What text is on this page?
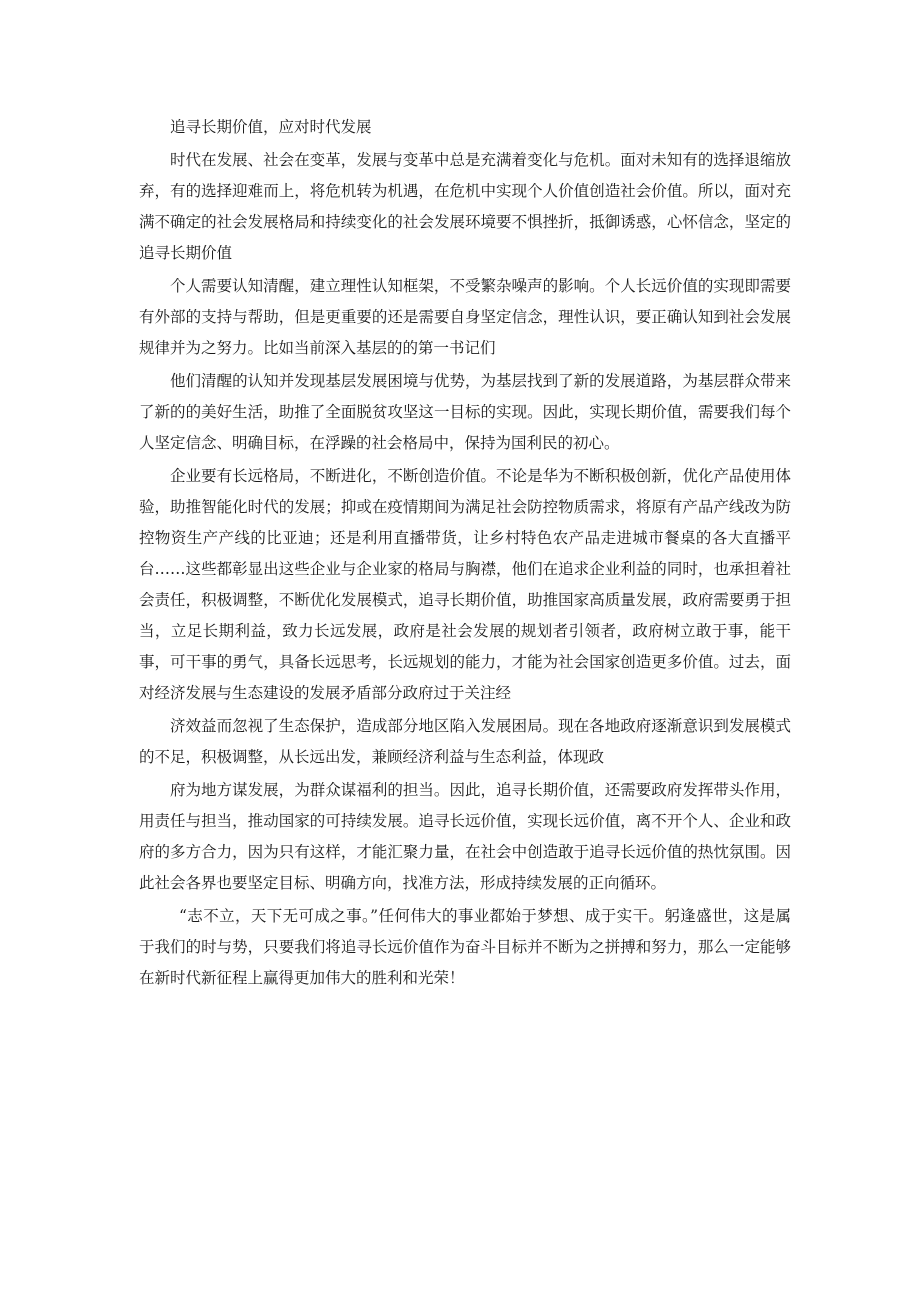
追寻长期价值，应对时代发展

时代在发展、社会在变革，发展与变革中总是充满着变化与危机。面对未知有的选择退缩放弃，有的选择迎难而上，将危机转为机遇，在危机中实现个人价值创造社会价值。所以，面对充满不确定的社会发展格局和持续变化的社会发展环境要不惧挫折，抵御诱惑，心怀信念，坚定的追寻长期价值

个人需要认知清醒，建立理性认知框架，不受繁杂噪声的影响。个人长远价值的实现即需要有外部的支持与帮助，但是更重要的还是需要自身坚定信念，理性认识，要正确认知到社会发展规律并为之努力。比如当前深入基层的的第一书记们

他们清醒的认知并发现基层发展困境与优势，为基层找到了新的发展道路，为基层群众带来了新的的美好生活，助推了全面脱贫攻坚这一目标的实现。因此，实现长期价值，需要我们每个人坚定信念、明确目标，在浮躁的社会格局中，保持为国利民的初心。

企业要有长远格局，不断进化，不断创造价值。不论是华为不断积极创新，优化产品使用体验，助推智能化时代的发展；抑或在疫情期间为满足社会防控物质需求，将原有产品产线改为防控物资生产产线的比亚迪；还是利用直播带货，让乡村特色农产品走进城市餐桌的各大直播平台……这些都彰显出这些企业与企业家的格局与胸襟，他们在追求企业利益的同时，也承担着社会责任，积极调整，不断优化发展模式，追寻长期价值，助推国家高质量发展，政府需要勇于担当，立足长期利益，致力长远发展，政府是社会发展的规划者引领者，政府树立敢于事，能干事，可干事的勇气，具备长远思考，长远规划的能力，才能为社会国家创造更多价值。过去，面对经济发展与生态建设的发展矛盾部分政府过于关注经

济效益而忽视了生态保护，造成部分地区陷入发展困局。现在各地政府逐渐意识到发展模式的不足，积极调整，从长远出发，兼顾经济利益与生态利益，体现政

府为地方谋发展，为群众谋福利的担当。因此，追寻长期价值，还需要政府发挥带头作用，用责任与担当，推动国家的可持续发展。追寻长远价值，实现长远价值，离不开个人、企业和政府的多方合力，因为只有这样，才能汇聚力量，在社会中创造敢于追寻长远价值的热忱氛围。因此社会各界也要坚定目标、明确方向，找准方法，形成持续发展的正向循环。

“志不立，天下无可成之事。”任何伟大的事业都始于梦想、成于实干。躬逢盛世，这是属于我们的时与势，只要我们将追寻长远价值作为奋斗目标并不断为之拼搏和努力，那么一定能够在新时代新征程上赢得更加伟大的胜利和光荣！
